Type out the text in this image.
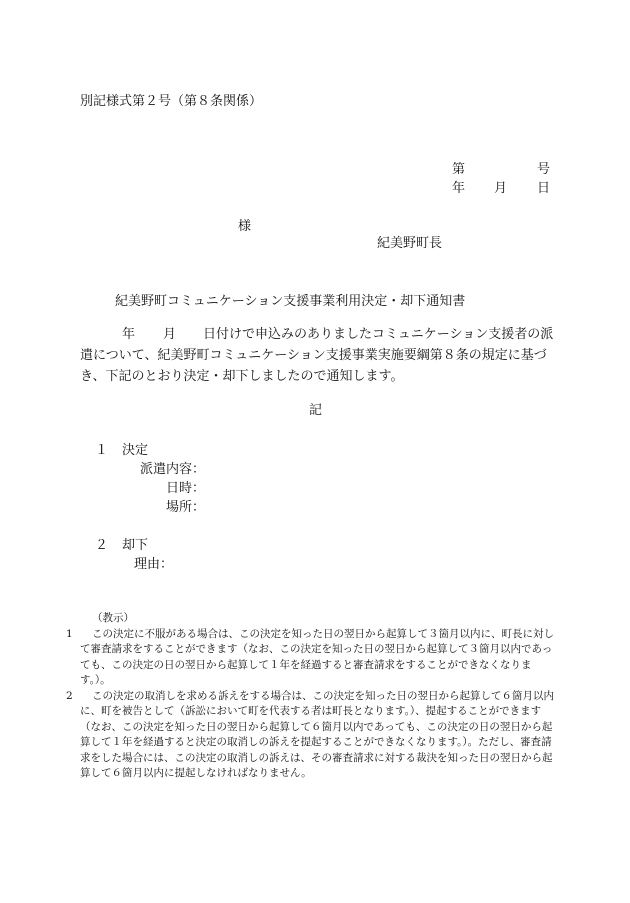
別記様式第２号（第８条関係）
第	号
年 月 日
様
紀美野町長
紀美野町コミュニケーション支援事業利用決定・却下通知書
年 月 日付けで申込みのありましたコミュニケーション支援者の派遣について、紀美野町コミュニケーション支援事業実施要綱第８条の規定に基づき、下記のとおり決定・却下しましたので通知します。
記
１ 決定
派遣内容：
日時：
場所：
２ 却下
理由：
（教示）
1 この決定に不服がある場合は、この決定を知った日の翌日から起算して３箇月以内に、町長に対して審査請求をすることができます（なお、この決定を知った日の翌日から起算して３箇月以内であっても、この決定の日の翌日から起算して１年を経過すると審査請求をすることができなくなります。）。
2 この決定の取消しを求める訴えをする場合は、この決定を知った日の翌日から起算して６箇月以内に、町を被告として（訴訟において町を代表する者は町長となります。）、提起することができます（なお、この決定を知った日の翌日から起算して６箇月以内であっても、この決定の日の翌日から起算して１年を経過すると決定の取消しの訴えを提起することができなくなります。）。ただし、審査請求をした場合には、この決定の取消しの訴えは、その審査請求に対する裁決を知った日の翌日から起算して６箇月以内に提起しなければなりません。
